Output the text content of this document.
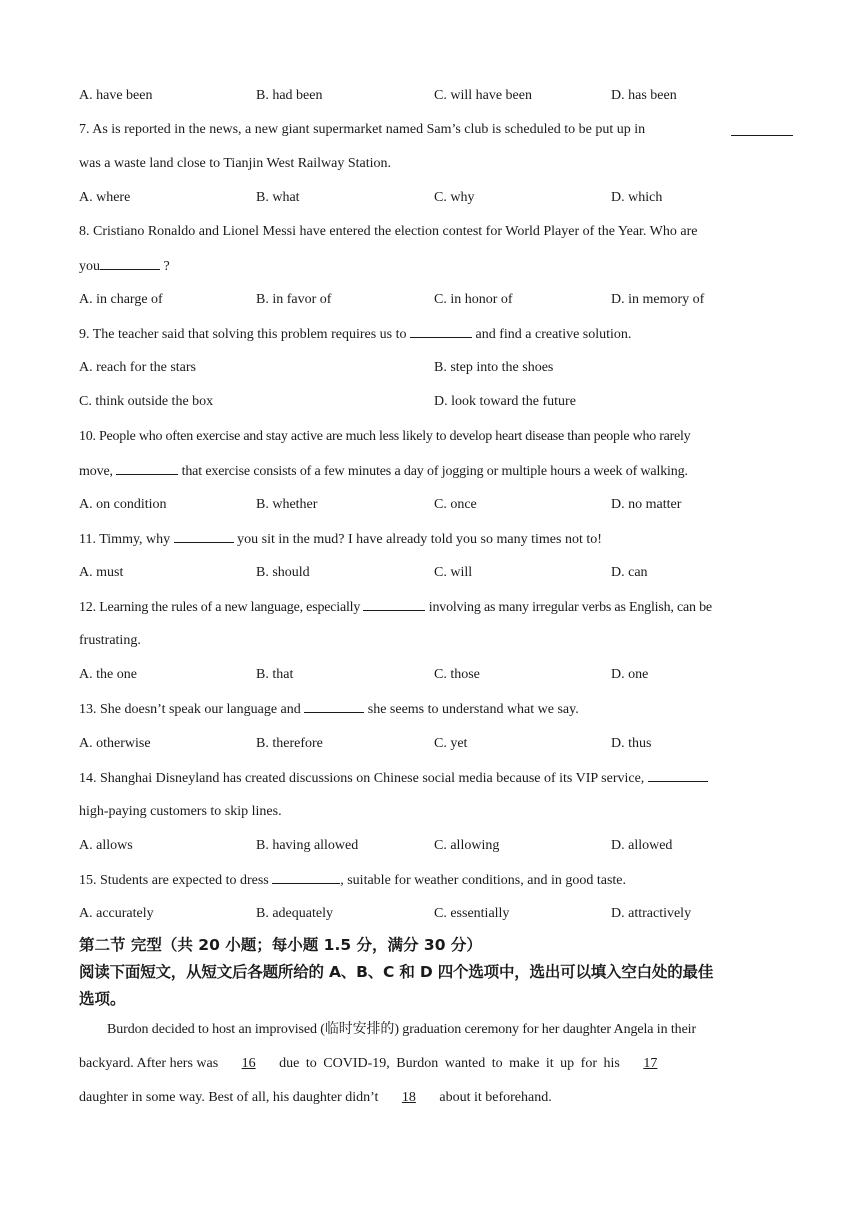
A. have been	B. had been	C. will have been	D. has been
7. As is reported in the news, a new giant supermarket named Sam’s club is scheduled to be put up in
was a waste land close to Tianjin West Railway Station.
A. where	B. what	C. why	D. which
8. Cristiano Ronaldo and Lionel Messi have entered the election contest for World Player of the Year. Who are
you	?
A. in charge of	B. in favor of	C. in honor of	D. in memory of
9. The teacher said that solving this problem requires us to	and find a creative solution.
A. reach for the stars	B. step into the shoes
C. think outside the box	D. look toward the future
10. People who often exercise and stay active are much less likely to develop heart disease than people who rarely
move,	that exercise consists of a few minutes a day of jogging or multiple hours a week of walking.
A. on condition	B. whether	C. once	D. no matter
11. Timmy, why	you sit in the mud? I have already told you so many times not to!
A. must	B. should	C. will	D. can
12. Learning the rules of a new language, especially	involving as many irregular verbs as English, can be
frustrating.
A. the one	B. that	C. those	D. one
13. She doesn’t speak our language and	she seems to understand what we say.
A. otherwise	B. therefore	C. yet	D. thus
14. Shanghai Disneyland has created discussions on Chinese social media because of its VIP service,
high-paying customers to skip lines.
A. allows	B. having allowed	C. allowing	D. allowed
15. Students are expected to dress	, suitable for weather conditions, and in good taste.
A. accurately	B. adequately	C. essentially	D. attractively
第二节 完型（共 20 小题；每小题 1.5 分，满分 30 分）
阅读下面短文，从短文后各题所给的 A、B、C 和 D 四个选项中，选出可以填入空白处的最佳
选项。
Burdon decided to host an improvised (临时安排的) graduation ceremony for her daughter Angela in their
backyard. After hers was 16 due to COVID-19, Burdon wanted to make it up for his 17
daughter in some way. Best of all, his daughter didn’t 18 about it beforehand.
